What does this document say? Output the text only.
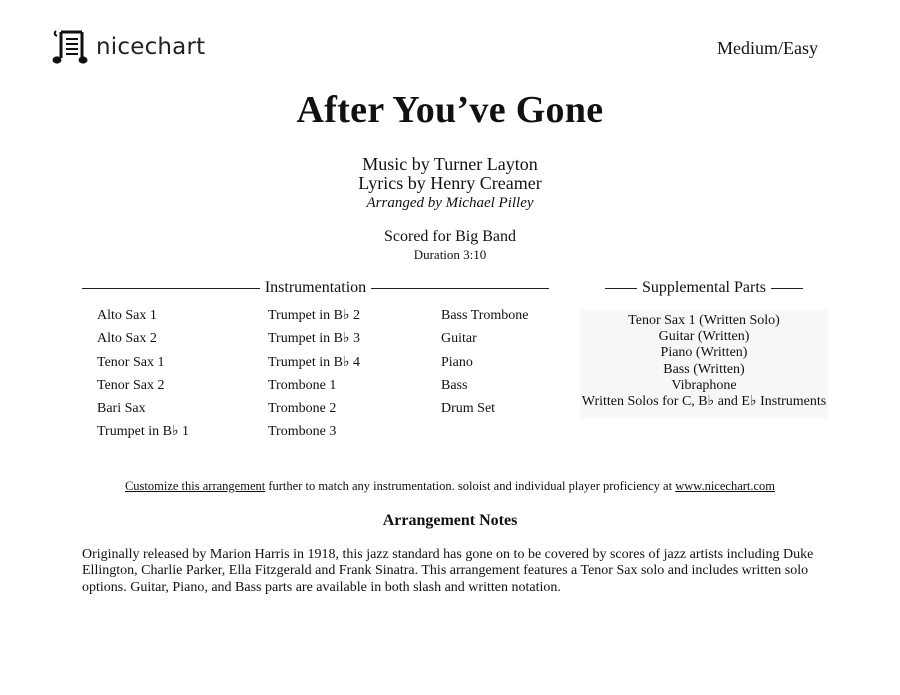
nicechart	Medium/Easy
After You’ve Gone
Music by Turner Layton
Lyrics by Henry Creamer
Arranged by Michael Pilley
Scored for Big Band
Duration 3:10
Instrumentation	Supplemental Parts
Alto Sax 1
Alto Sax 2
Tenor Sax 1
Tenor Sax 2
Bari Sax
Trumpet in B♭ 1
Trumpet in B♭ 2
Trumpet in B♭ 3
Trumpet in B♭ 4
Trombone 1
Trombone 2
Trombone 3
Bass Trombone
Guitar
Piano
Bass
Drum Set
Tenor Sax 1 (Written Solo)
Guitar (Written)
Piano (Written)
Bass (Written)
Vibraphone
Written Solos for C, B♭ and E♭ Instruments
Customize this arrangement further to match any instrumentation. soloist and individual player proficiency at www.nicechart.com
Arrangement Notes
Originally released by Marion Harris in 1918, this jazz standard has gone on to be covered by scores of jazz artists including Duke Ellington, Charlie Parker, Ella Fitzgerald and Frank Sinatra. This arrangement features a Tenor Sax solo and includes written solo options. Guitar, Piano, and Bass parts are available in both slash and written notation.
